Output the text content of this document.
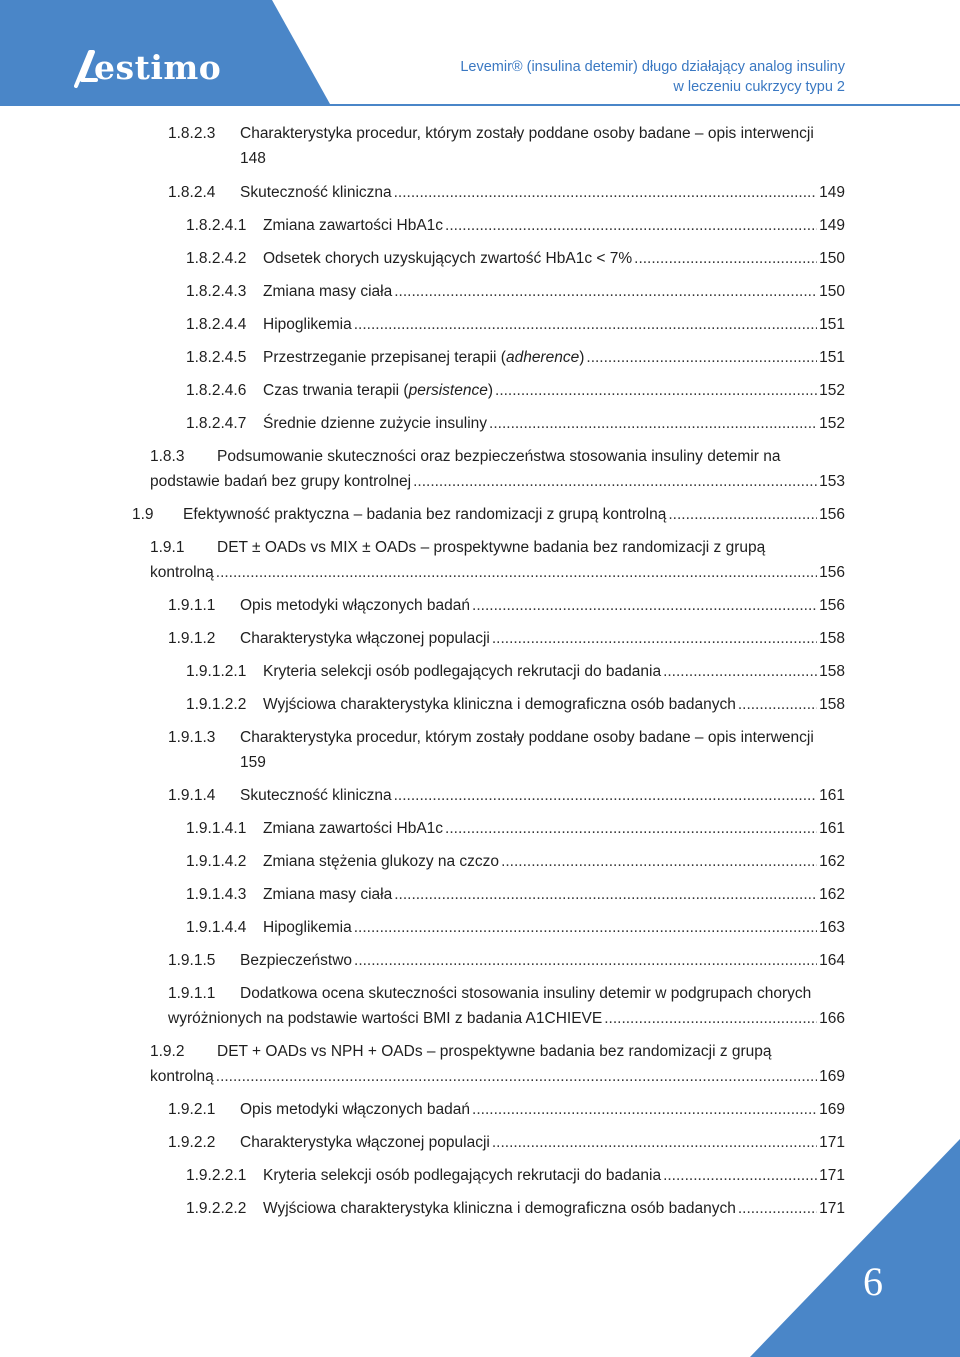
estimo	Levemir® (insulina detemir) długo działający analog insuliny
w leczeniu cukrzycy typu 2
1.8.2.3 Charakterystyka procedur, którym zostały poddane osoby badane – opis interwencji
148
1.8.2.4 Skuteczność kliniczna .....	149
1.8.2.4.1 Zmiana zawartości HbA1c .....	149
1.8.2.4.2 Odsetek chorych uzyskujących zwartość HbA1c < 7% .....	150
1.8.2.4.3 Zmiana masy ciała .....	150
1.8.2.4.4 Hipoglikemia .....	151
1.8.2.4.5 Przestrzeganie przepisanej terapii (adherence) .....	151
1.8.2.4.6 Czas trwania terapii (persistence) .....	152
1.8.2.4.7 Średnie dzienne zużycie insuliny .....	152
1.8.3 Podsumowanie skuteczności oraz bezpieczeństwa stosowania insuliny detemir na
podstawie badań bez grupy kontrolnej .....	153
1.9 Efektywność praktyczna – badania bez randomizacji z grupą kontrolną .....	156
1.9.1 DET ± OADs vs MIX ± OADs – prospektywne badania bez randomizacji z grupą
kontrolną .....	156
1.9.1.1 Opis metodyki włączonych badań .....	156
1.9.1.2 Charakterystyka włączonej populacji .....	158
1.9.1.2.1 Kryteria selekcji osób podlegających rekrutacji do badania .....	158
1.9.1.2.2 Wyjściowa charakterystyka kliniczna i demograficzna osób badanych .....	158
1.9.1.3 Charakterystyka procedur, którym zostały poddane osoby badane – opis interwencji
159
1.9.1.4 Skuteczność kliniczna .....	161
1.9.1.4.1 Zmiana zawartości HbA1c .....	161
1.9.1.4.2 Zmiana stężenia glukozy na czczo .....	162
1.9.1.4.3 Zmiana masy ciała .....	162
1.9.1.4.4 Hipoglikemia .....	163
1.9.1.5 Bezpieczeństwo .....	164
1.9.1.1 Dodatkowa ocena skuteczności stosowania insuliny detemir w podgrupach chorych
wyróżnionych na podstawie wartości BMI z badania A1CHIEVE .....	166
1.9.2 DET + OADs vs NPH + OADs – prospektywne badania bez randomizacji z grupą
kontrolną .....	169
1.9.2.1 Opis metodyki włączonych badań .....	169
1.9.2.2 Charakterystyka włączonej populacji .....	171
1.9.2.2.1 Kryteria selekcji osób podlegających rekrutacji do badania .....	171
1.9.2.2.2 Wyjściowa charakterystyka kliniczna i demograficzna osób badanych .....	171
6
